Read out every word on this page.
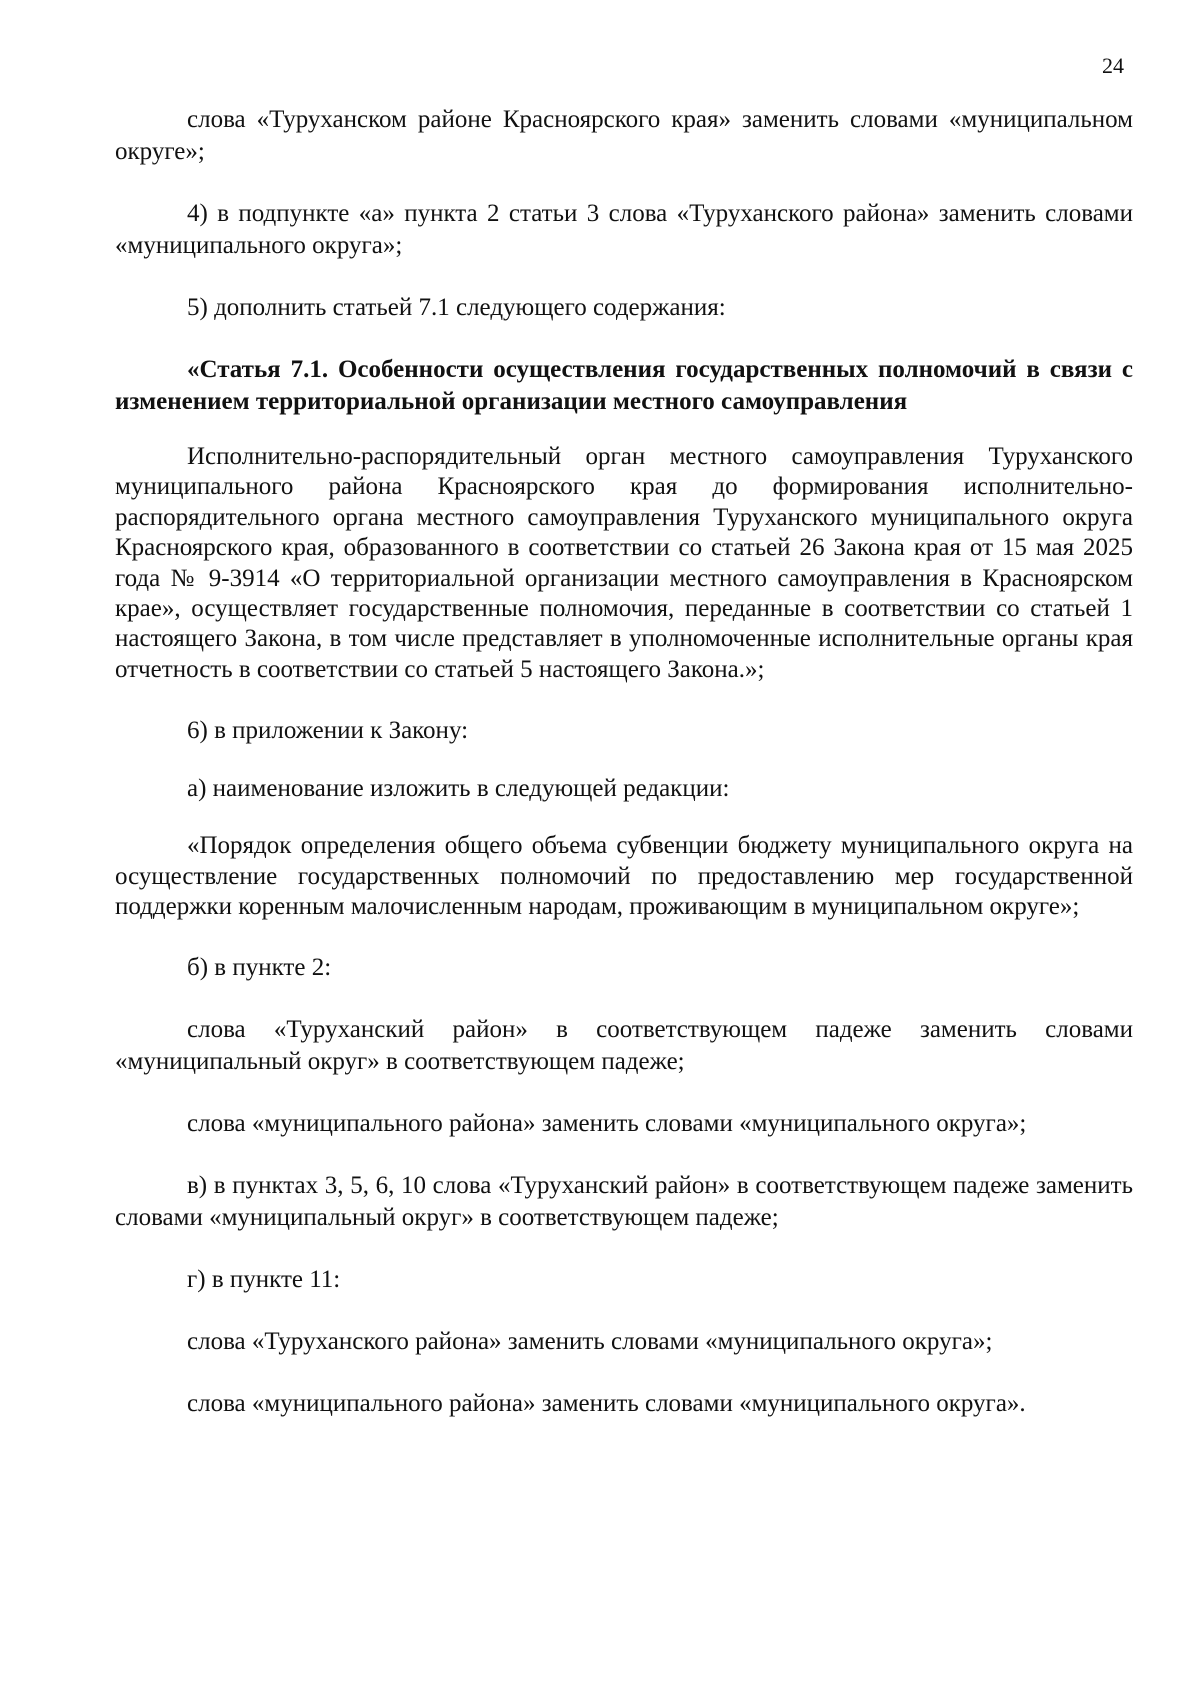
24

слова «Туруханском районе Красноярского края» заменить словами «муниципальном округе»;

4) в подпункте «а» пункта 2 статьи 3 слова «Туруханского района» заменить словами «муниципального округа»;

5) дополнить статьей 7.1 следующего содержания:

«Статья 7.1. Особенности осуществления государственных полномочий в связи с изменением территориальной организации местного самоуправления

Исполнительно-распорядительный орган местного самоуправления Туруханского муниципального района Красноярского края до формирования исполнительно-распорядительного органа местного самоуправления Туруханского муниципального округа Красноярского края, образованного в соответствии со статьей 26 Закона края от 15 мая 2025 года № 9-3914 «О территориальной организации местного самоуправления в Красноярском крае», осуществляет государственные полномочия, переданные в соответствии со статьей 1 настоящего Закона, в том числе представляет в уполномоченные исполнительные органы края отчетность в соответствии со статьей 5 настоящего Закона.»;

6) в приложении к Закону:

а) наименование изложить в следующей редакции:

«Порядок определения общего объема субвенции бюджету муниципального округа на осуществление государственных полномочий по предоставлению мер государственной поддержки коренным малочисленным народам, проживающим в муниципальном округе»;

б) в пункте 2:

слова «Туруханский район» в соответствующем падеже заменить словами «муниципальный округ» в соответствующем падеже;

слова «муниципального района» заменить словами «муниципального округа»;

в) в пунктах 3, 5, 6, 10 слова «Туруханский район» в соответствующем падеже заменить словами «муниципальный округ» в соответствующем падеже;

г) в пункте 11:

слова «Туруханского района» заменить словами «муниципального округа»;

слова «муниципального района» заменить словами «муниципального округа».
